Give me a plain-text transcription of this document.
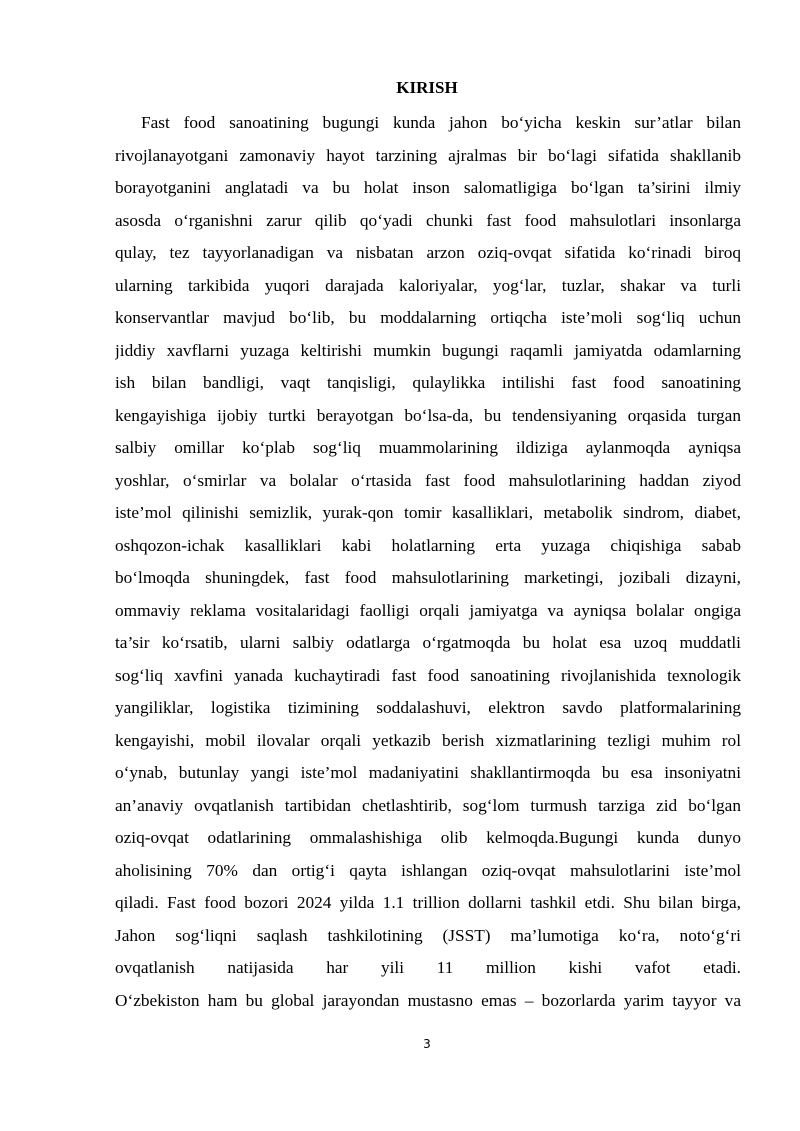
KIRISH
Fast food sanoatining bugungi kunda jahon bo‘yicha keskin sur’atlar bilan
rivojlanayotgani zamonaviy hayot tarzining ajralmas bir bo‘lagi sifatida shakllanib
borayotganini anglatadi va bu holat inson salomatligiga bo‘lgan ta’sirini ilmiy
asosda o‘rganishni zarur qilib qo‘yadi chunki fast food mahsulotlari insonlarga
qulay, tez tayyorlanadigan va nisbatan arzon oziq-ovqat sifatida ko‘rinadi biroq
ularning tarkibida yuqori darajada kaloriyalar, yog‘lar, tuzlar, shakar va turli
konservantlar mavjud bo‘lib, bu moddalarning ortiqcha iste’moli sog‘liq uchun
jiddiy xavflarni yuzaga keltirishi mumkin bugungi raqamli jamiyatda odamlarning
ish bilan bandligi, vaqt tanqisligi, qulaylikka intilishi fast food sanoatining
kengayishiga ijobiy turtki berayotgan bo‘lsa-da, bu tendensiyaning orqasida turgan
salbiy omillar ko‘plab sog‘liq muammolarining ildiziga aylanmoqda ayniqsa
yoshlar, o‘smirlar va bolalar o‘rtasida fast food mahsulotlarining haddan ziyod
iste’mol qilinishi semizlik, yurak-qon tomir kasalliklari, metabolik sindrom, diabet,
oshqozon-ichak kasalliklari kabi holatlarning erta yuzaga chiqishiga sabab
bo‘lmoqda shuningdek, fast food mahsulotlarining marketingi, jozibali dizayni,
ommaviy reklama vositalaridagi faolligi orqali jamiyatga va ayniqsa bolalar ongiga
ta’sir ko‘rsatib, ularni salbiy odatlarga o‘rgatmoqda bu holat esa uzoq muddatli
sog‘liq xavfini yanada kuchaytiradi fast food sanoatining rivojlanishida texnologik
yangiliklar, logistika tizimining soddalashuvi, elektron savdo platformalarining
kengayishi, mobil ilovalar orqali yetkazib berish xizmatlarining tezligi muhim rol
o‘ynab, butunlay yangi iste’mol madaniyatini shakllantirmoqda bu esa insoniyatni
an’anaviy ovqatlanish tartibidan chetlashtirib, sog‘lom turmush tarziga zid bo‘lgan
oziq-ovqat odatlarining ommalashishiga olib kelmoqda.Bugungi kunda dunyo
aholisining 70% dan ortig‘i qayta ishlangan oziq-ovqat mahsulotlarini iste’mol
qiladi. Fast food bozori 2024 yilda 1.1 trillion dollarni tashkil etdi. Shu bilan birga,
Jahon sog‘liqni saqlash tashkilotining (JSST) ma’lumotiga ko‘ra, noto‘g‘ri
ovqatlanish natijasida har yili 11 million kishi vafot etadi.
O‘zbekiston ham bu global jarayondan mustasno emas – bozorlarda yarim tayyor va
3
